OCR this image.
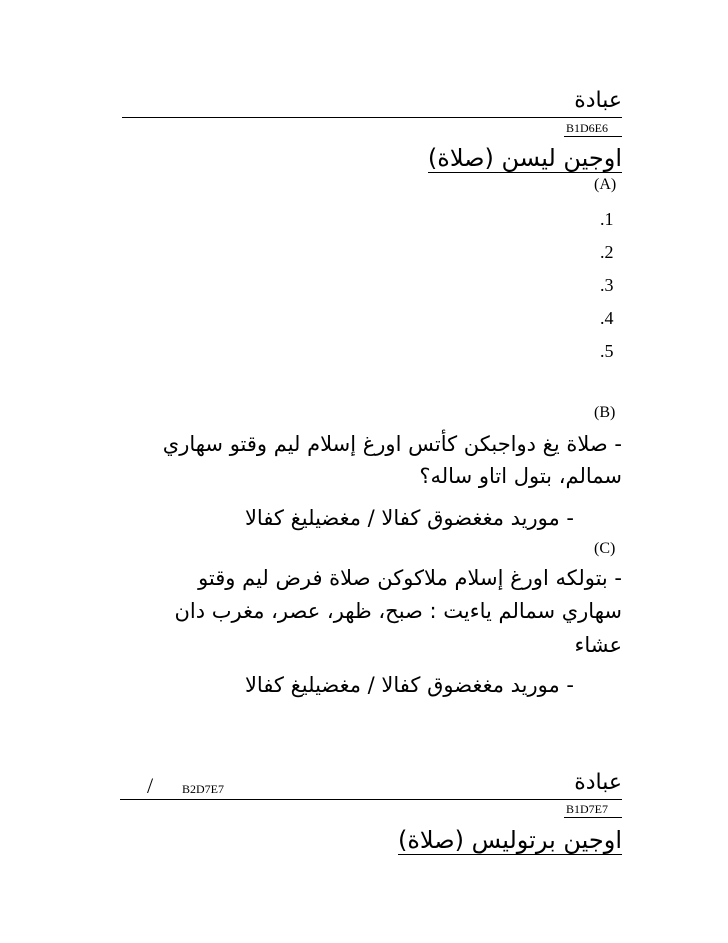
عبادة
B1D6E6
اوجين ليسن (صلاة)
(A)
.1
.2
.3
.4
.5
(B)
- صلاة يغ دواجبكن كأتس اورغ إسلام ليم وقتو سهاري
سمالم، بتول اتاو ساله؟
- موريد مغغضوق كفالا / مغضيليغ كفالا
(C)
- بتولكه اورغ إسلام ملاكوكن صلاة فرض ليم وقتو
سهاري سمالم ياءيت : صبح، ظهر، عصر، مغرب دان
عشاء
- موريد مغغضوق كفالا / مغضيليغ كفالا
/ B2D7E7	عبادة
B1D7E7
اوجين برتوليس (صلاة)
